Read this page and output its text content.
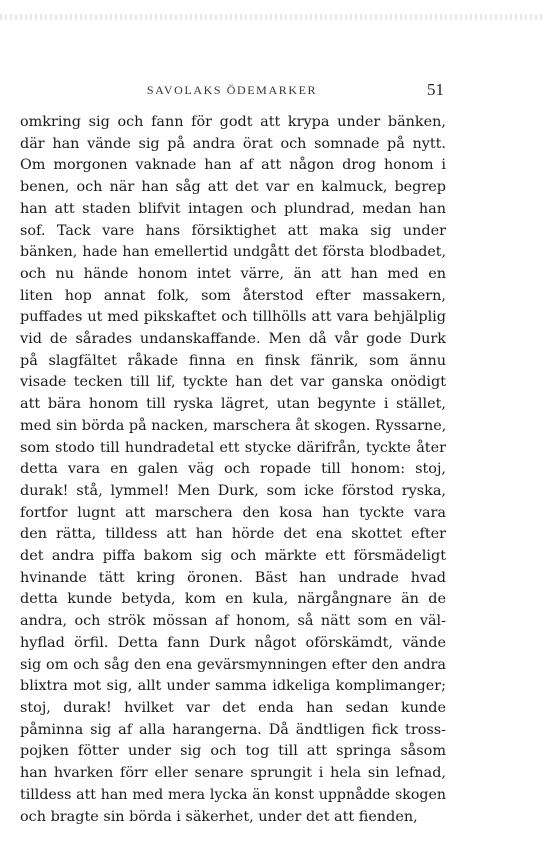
SAVOLAKS ÖDEMARKER	51
omkring sig och fann för godt att krypa under bänken,
där han vände sig på andra örat och somnade på nytt.
Om morgonen vaknade han af att någon drog honom i
benen, och när han såg att det var en kalmuck, begrep
han att staden blifvit intagen och plundrad, medan han
sof. Tack vare hans försiktighet att maka sig under
bänken, hade han emellertid undgått det första blodbadet,
och nu hände honom intet värre, än att han med en
liten hop annat folk, som återstod efter massakern,
puffades ut med pikskaftet och tillhölls att vara behjälplig
vid de sårades undanskaffande. Men då vår gode Durk
på slagfältet råkade finna en finsk fänrik, som ännu
visade tecken till lif, tyckte han det var ganska onödigt
att bära honom till ryska lägret, utan begynte i stället,
med sin börda på nacken, marschera åt skogen. Ryssarne,
som stodo till hundradetal ett stycke därifrån, tyckte åter
detta vara en galen väg och ropade till honom: stoj,
durak! stå, lymmel! Men Durk, som icke förstod ryska,
fortfor lugnt att marschera den kosa han tyckte vara
den rätta, tilldess att han hörde det ena skottet efter
det andra piffa bakom sig och märkte ett försmädeligt
hvinande tätt kring öronen. Bäst han undrade hvad
detta kunde betyda, kom en kula, närgångnare än de
andra, och strök mössan af honom, så nätt som en väl-
hyflad örfil. Detta fann Durk något oförskämdt, vände
sig om och såg den ena gevärsmynningen efter den andra
blixtra mot sig, allt under samma idkeliga komplimanger;
stoj, durak! hvilket var det enda han sedan kunde
påminna sig af alla harangerna. Då ändtligen fick tross-
pojken fötter under sig och tog till att springa såsom
han hvarken förr eller senare sprungit i hela sin lefnad,
tilldess att han med mera lycka än konst uppnådde skogen
och bragte sin börda i säkerhet, under det att fienden,
